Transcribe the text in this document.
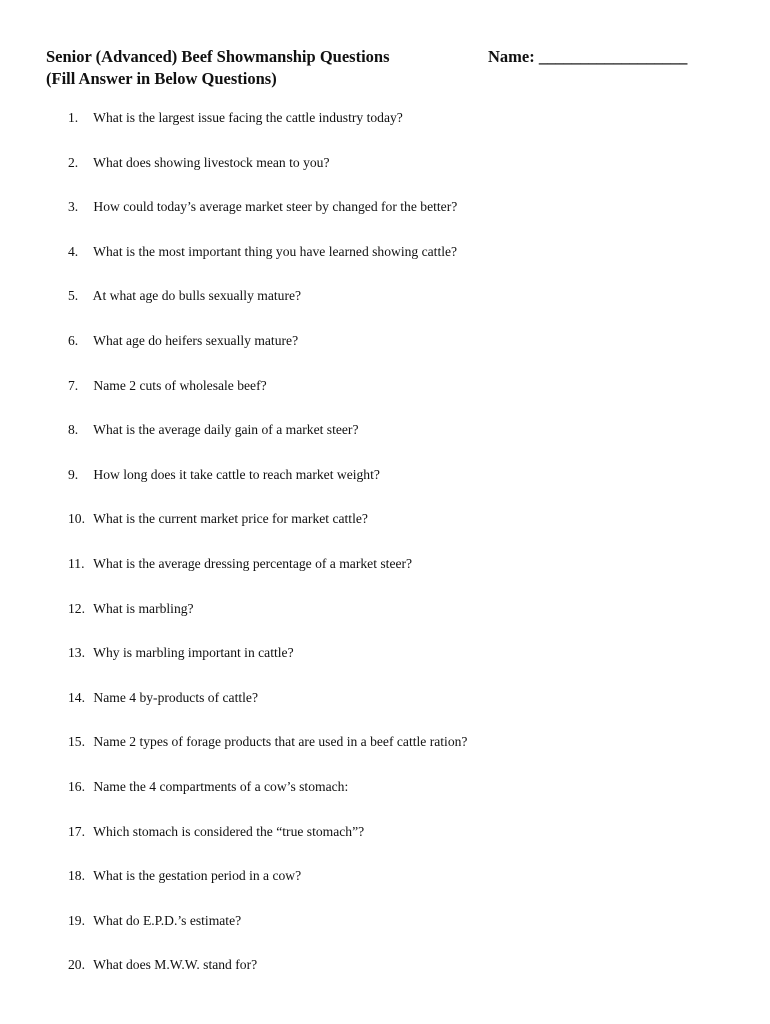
Senior (Advanced) Beef Showmanship Questions
(Fill Answer in Below Questions)
Name: __________________
1. What is the largest issue facing the cattle industry today?
2. What does showing livestock mean to you?
3. How could today’s average market steer by changed for the better?
4. What is the most important thing you have learned showing cattle?
5. At what age do bulls sexually mature?
6. What age do heifers sexually mature?
7. Name 2 cuts of wholesale beef?
8. What is the average daily gain of a market steer?
9. How long does it take cattle to reach market weight?
10. What is the current market price for market cattle?
11. What is the average dressing percentage of a market steer?
12. What is marbling?
13. Why is marbling important in cattle?
14. Name 4 by-products of cattle?
15. Name 2 types of forage products that are used in a beef cattle ration?
16. Name the 4 compartments of a cow’s stomach:
17. Which stomach is considered the “true stomach”?
18. What is the gestation period in a cow?
19. What do E.P.D.’s estimate?
20. What does M.W.W. stand for?
